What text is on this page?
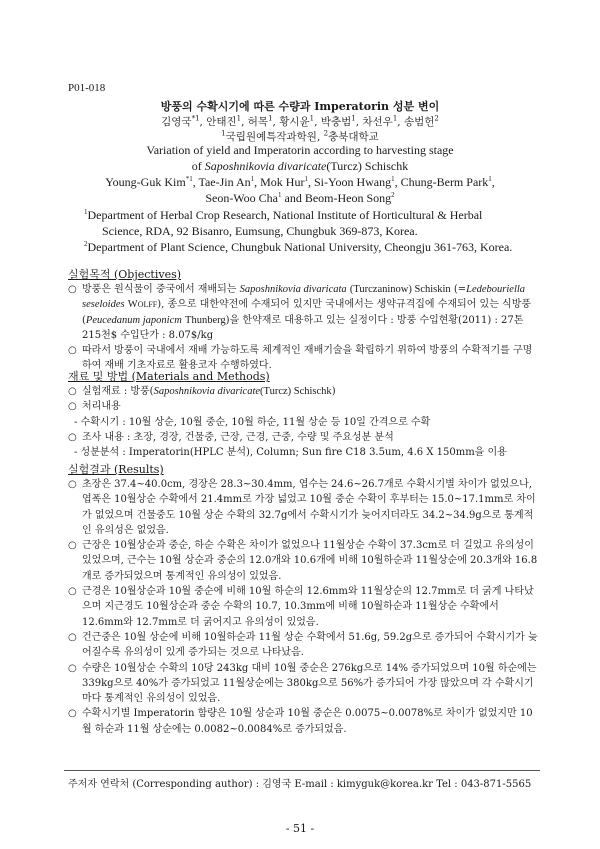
P01-018
방풍의 수확시기에 따른 수량과 Imperatorin 성분 변이
김영국$^{*1}$, 안태진$^1$, 허목$^1$, 황시윤$^1$, 박충범$^1$, 차선우$^1$, 송범헌$^2$
$^1$국립원예특작과학원, $^2$충북대학교
Variation of yield and Imperatorin according to harvesting stage
of Saposhnikovia divaricate(Turcz) Schischk
Young-Guk Kim$^{*1}$, Tae-Jin An$^1$, Mok Hur$^1$, Si-Yoon Hwang$^1$, Chung-Berm Park$^1$,
Seon-Woo Cha$^1$ and Beom-Heon Song$^2$
$^1$Department of Herbal Crop Research, National Institute of Horticultural & Herbal
Science, RDA, 92 Bisanro, Eumsung, Chungbuk 369-873, Korea.
$^2$Department of Plant Science, Chungbuk National University, Cheongju 361-763, Korea.
실험목적 (Objectives)
○ 방풍은 원식물이 중국에서 재배되는 Saposhnikovia divaricata (Turczaninow) Schiskin (=Ledebouriella seseloides WOLFF), 종으로 대한약전에 수재되어 있지만 국내에서는 생약규격집에 수재되어 있는 식방풍(Peucedanum japonicm Thunberg)을 한약재로 대용하고 있는 실정이다 : 방풍 수입현황(2011) : 27톤 215천$ 수입단가 : 8.07$/kg
○ 따라서 방풍이 국내에서 재배 가능하도록 체계적인 재배기술을 확립하기 위하여 방풍의 수확적기를 구명하여 재배 기초자료로 활용코자 수행하였다.
재료 및 방법 (Materials and Methods)
○ 실험재료 : 방풍(Saposhnikovia divaricate(Turcz) Schischk)
○ 처리내용
- 수확시기 : 10월 상순, 10월 중순, 10월 하순, 11월 상순 등 10일 간격으로 수확
○ 조사 내용 : 초장, 경장, 건물중, 근장, 근경, 근중, 수량 및 주요성분 분석
- 성분분석 : Imperatorin(HPLC 분석), Column; Sun fire C18 3.5um, 4.6 X 150mm을 이용
실험결과 (Results)
○ 초장은 37.4~40.0cm, 경장은 28.3~30.4mm, 엽수는 24.6~26.7개로 수확시기별 차이가 없었으나, 엽폭은 10월상순 수확에서 21.4mm로 가장 넓었고 10월 중순 수확이 후부터는 15.0~17.1mm로 차이가 없었으며 건물중도 10월 상순 수확의 32.7g에서 수확시기가 늦어지더라도 34.2~34.9g으로 통계적인 유의성은 없었음.
○ 근장은 10월상순과 중순, 하순 수확은 차이가 없었으나 11월상순 수확이 37.3cm로 더 길었고 유의성이 있었으며, 근수는 10월 상순과 중순의 12.0개와 10.6개에 비해 10월하순과 11월상순에 20.3개와 16.8개로 증가되었으며 통계적인 유의성이 있었음.
○ 근경은 10월상순과 10월 중순에 비해 10월 하순의 12.6mm와 11월상순의 12.7mm로 더 굵게 나타났으며 지근경도 10월상순과 중순 수확의 10.7, 10.3mm에 비해 10월하순과 11월상순 수확에서 12.6mm와 12.7mm로 더 굵어지고 유의성이 있었음.
○ 건근중은 10월 상순에 비해 10월하순과 11월 상순 수확에서 51.6g, 59.2g으로 증가되어 수확시기가 늦어질수록 유의성이 있게 증가되는 것으로 나타났음.
○ 수량은 10월상순 수확의 10당 243kg 대비 10월 중순은 276kg으로 14% 증가되었으며 10월 하순에는 339kg으로 40%가 증가되었고 11월상순에는 380kg으로 56%가 증가되어 가장 많았으며 각 수확시기마다 통계적인 유의성이 있었음.
○ 수확시기별 Imperatorin 함량은 10월 상순과 10월 중순은 0.0075~0.0078%로 차이가 없었지만 10월 하순과 11월 상순에는 0.0082~0.0084%로 증가되었음.
주저자 연락처 (Corresponding author) : 김영국 E-mail : kimyguk@korea.kr Tel : 043-871-5565
- 51 -
